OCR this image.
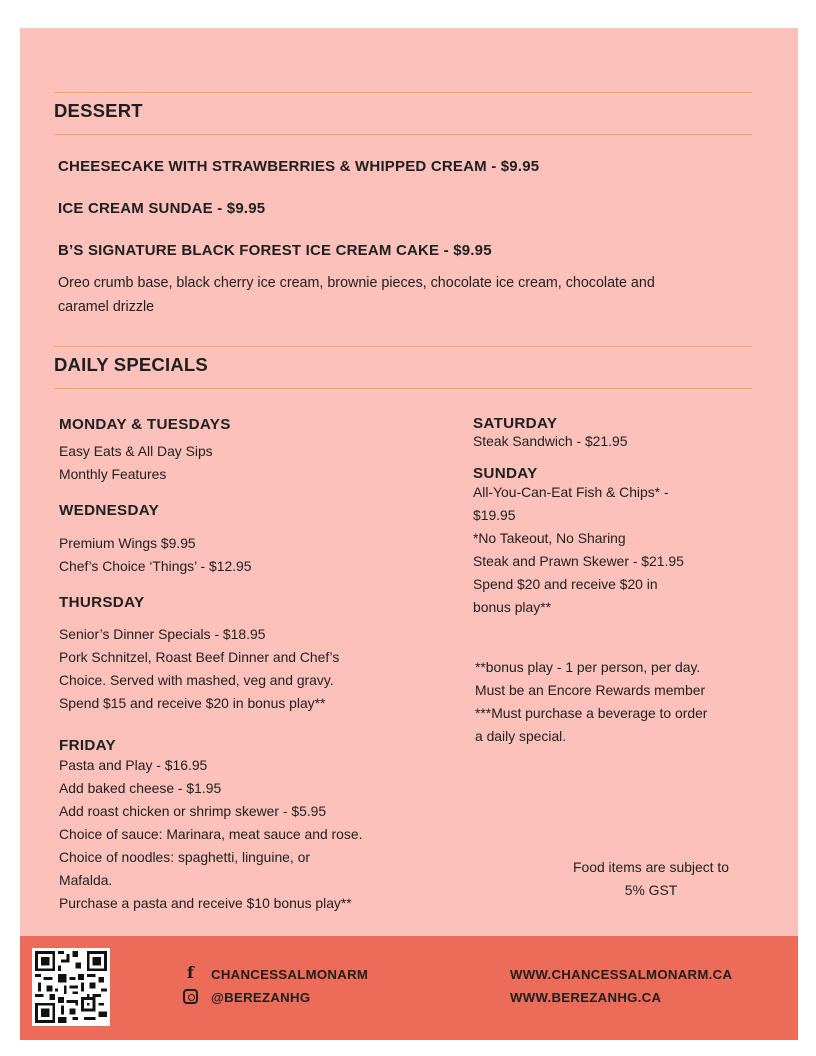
DESSERT
CHEESECAKE WITH STRAWBERRIES & WHIPPED CREAM - $9.95
ICE CREAM SUNDAE - $9.95
B’S SIGNATURE BLACK FOREST ICE CREAM CAKE - $9.95
Oreo crumb base, black cherry ice cream, brownie pieces, chocolate ice cream, chocolate and
caramel drizzle
DAILY SPECIALS
MONDAY & TUESDAYS
Easy Eats & All Day Sips
Monthly Features
WEDNESDAY
Premium Wings $9.95
Chef’s Choice ‘Things’ - $12.95
THURSDAY
Senior’s Dinner Specials - $18.95
Pork Schnitzel, Roast Beef Dinner and Chef’s
Choice. Served with mashed, veg and gravy.
Spend $15 and receive $20 in bonus play**
FRIDAY
Pasta and Play - $16.95
Add baked cheese - $1.95
Add roast chicken or shrimp skewer - $5.95
Choice of sauce: Marinara, meat sauce and rose.
Choice of noodles: spaghetti, linguine, or
Mafalda.
Purchase a pasta and receive $10 bonus play**
SATURDAY
Steak Sandwich - $21.95
SUNDAY
All-You-Can-Eat Fish & Chips* -
$19.95
*No Takeout, No Sharing
Steak and Prawn Skewer - $21.95
Spend $20 and receive $20 in
bonus play**
**bonus play - 1 per person, per day.
Must be an Encore Rewards member
***Must purchase a beverage to order
a daily special.
Food items are subject to
5% GST
f CHANCESSALMONARM
@BEREZANHG
WWW.CHANCESSALMONARM.CA
WWW.BEREZANHG.CA
